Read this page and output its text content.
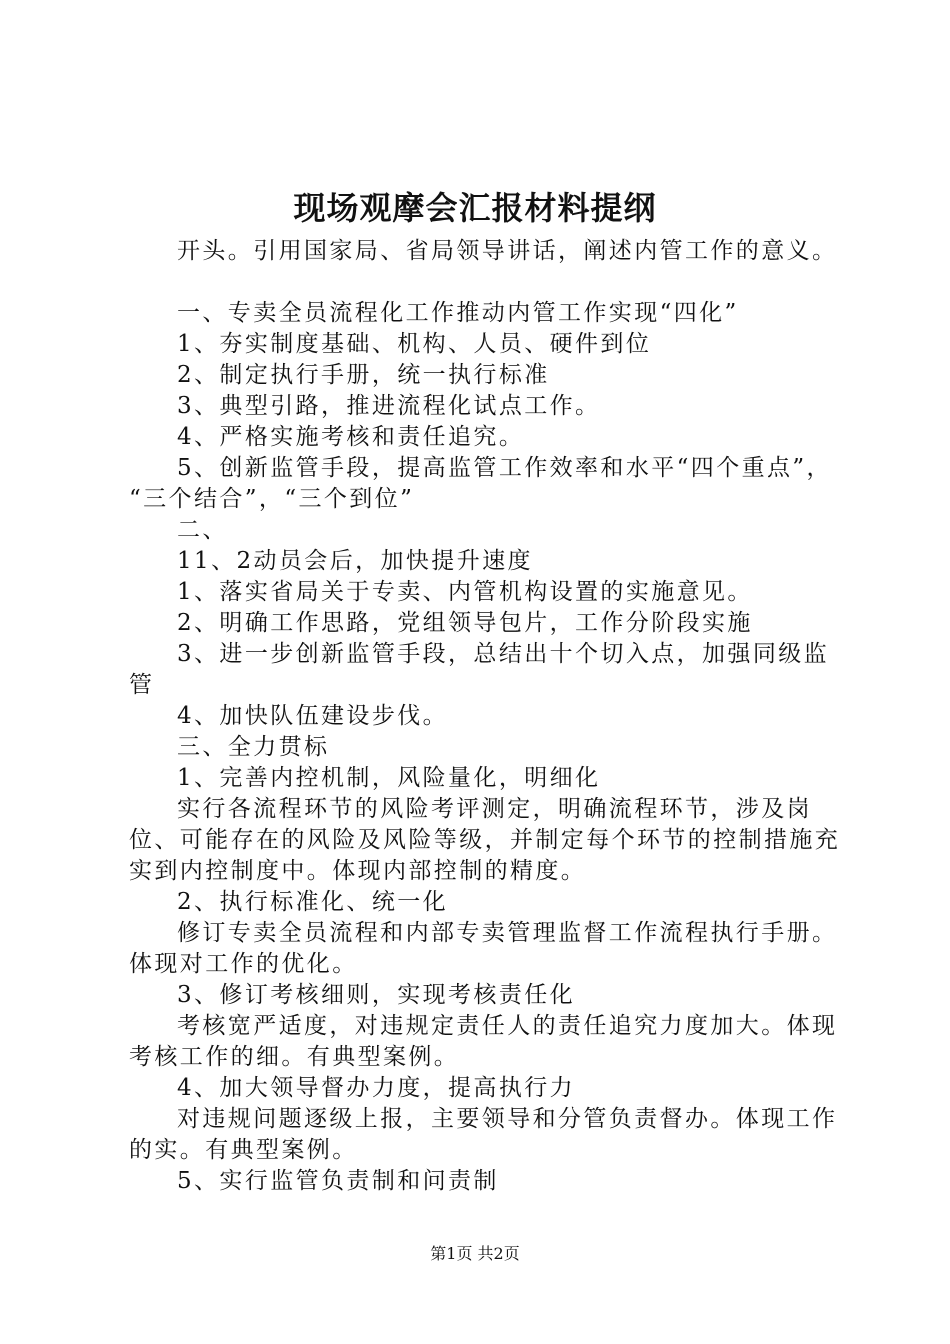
现场观摩会汇报材料提纲

开头。引用国家局、省局领导讲话，阐述内管工作的意义。

一、专卖全员流程化工作推动内管工作实现“四化”

1、夯实制度基础、机构、人员、硬件到位

2、制定执行手册，统一执行标准

3、典型引路，推进流程化试点工作。

4、严格实施考核和责任追究。

5、创新监管手段，提高监管工作效率和水平“四个重点”，

“三个结合”，“三个到位”

二、

11、2动员会后，加快提升速度

1、落实省局关于专卖、内管机构设置的实施意见。

2、明确工作思路，党组领导包片，工作分阶段实施

3、进一步创新监管手段，总结出十个切入点，加强同级监管

4、加快队伍建设步伐。

三、全力贯标

1、完善内控机制，风险量化，明细化

实行各流程环节的风险考评测定，明确流程环节，涉及岗位、可能存在的风险及风险等级，并制定每个环节的控制措施充实到内控制度中。体现内部控制的精度。

2、执行标准化、统一化

修订专卖全员流程和内部专卖管理监督工作流程执行手册。体现对工作的优化。

3、修订考核细则，实现考核责任化

考核宽严适度，对违规定责任人的责任追究力度加大。体现考核工作的细。有典型案例。

4、加大领导督办力度，提高执行力

对违规问题逐级上报，主要领导和分管负责督办。体现工作的实。有典型案例。

5、实行监管负责制和问责制

第1页 共2页
